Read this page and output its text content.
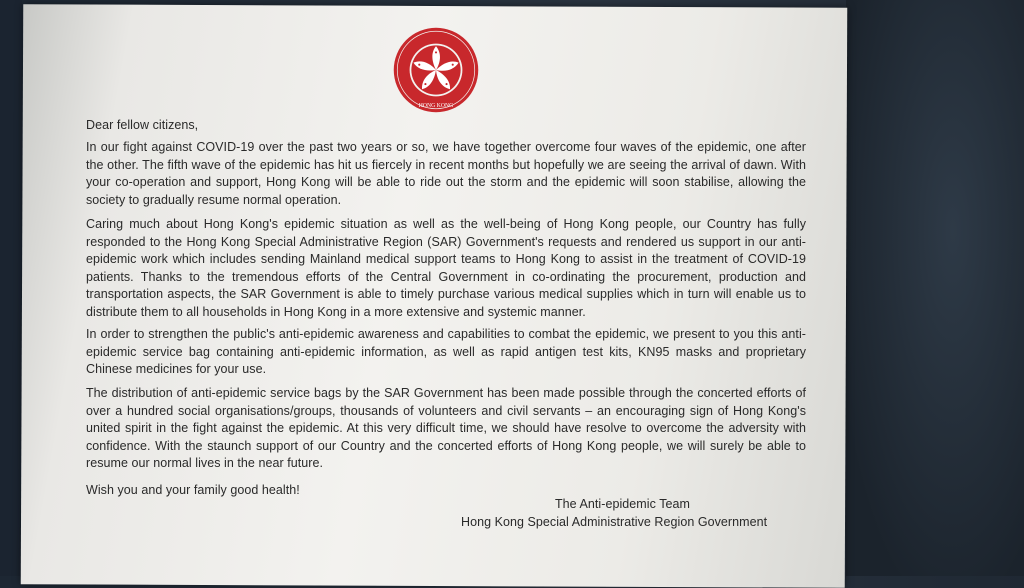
HONG KONG
Dear fellow citizens,
In our fight against COVID-19 over the past two years or so, we have together overcome four waves of the epidemic, one after the other. The fifth wave of the epidemic has hit us fiercely in recent months but hopefully we are seeing the arrival of dawn. With your co-operation and support, Hong Kong will be able to ride out the storm and the epidemic will soon stabilise, allowing the society to gradually resume normal operation.
Caring much about Hong Kong's epidemic situation as well as the well-being of Hong Kong people, our Country has fully responded to the Hong Kong Special Administrative Region (SAR) Government's requests and rendered us support in our anti-epidemic work which includes sending Mainland medical support teams to Hong Kong to assist in the treatment of COVID-19 patients. Thanks to the tremendous efforts of the Central Government in co-ordinating the procurement, production and transportation aspects, the SAR Government is able to timely purchase various medical supplies which in turn will enable us to distribute them to all households in Hong Kong in a more extensive and systemic manner.
In order to strengthen the public's anti-epidemic awareness and capabilities to combat the epidemic, we present to you this anti-epidemic service bag containing anti-epidemic information, as well as rapid antigen test kits, KN95 masks and proprietary Chinese medicines for your use.
The distribution of anti-epidemic service bags by the SAR Government has been made possible through the concerted efforts of over a hundred social organisations/groups, thousands of volunteers and civil servants – an encouraging sign of Hong Kong's united spirit in the fight against the epidemic. At this very difficult time, we should have resolve to overcome the adversity with confidence. With the staunch support of our Country and the concerted efforts of Hong Kong people, we will surely be able to resume our normal lives in the near future.
Wish you and your family good health!
The Anti-epidemic Team
Hong Kong Special Administrative Region Government
